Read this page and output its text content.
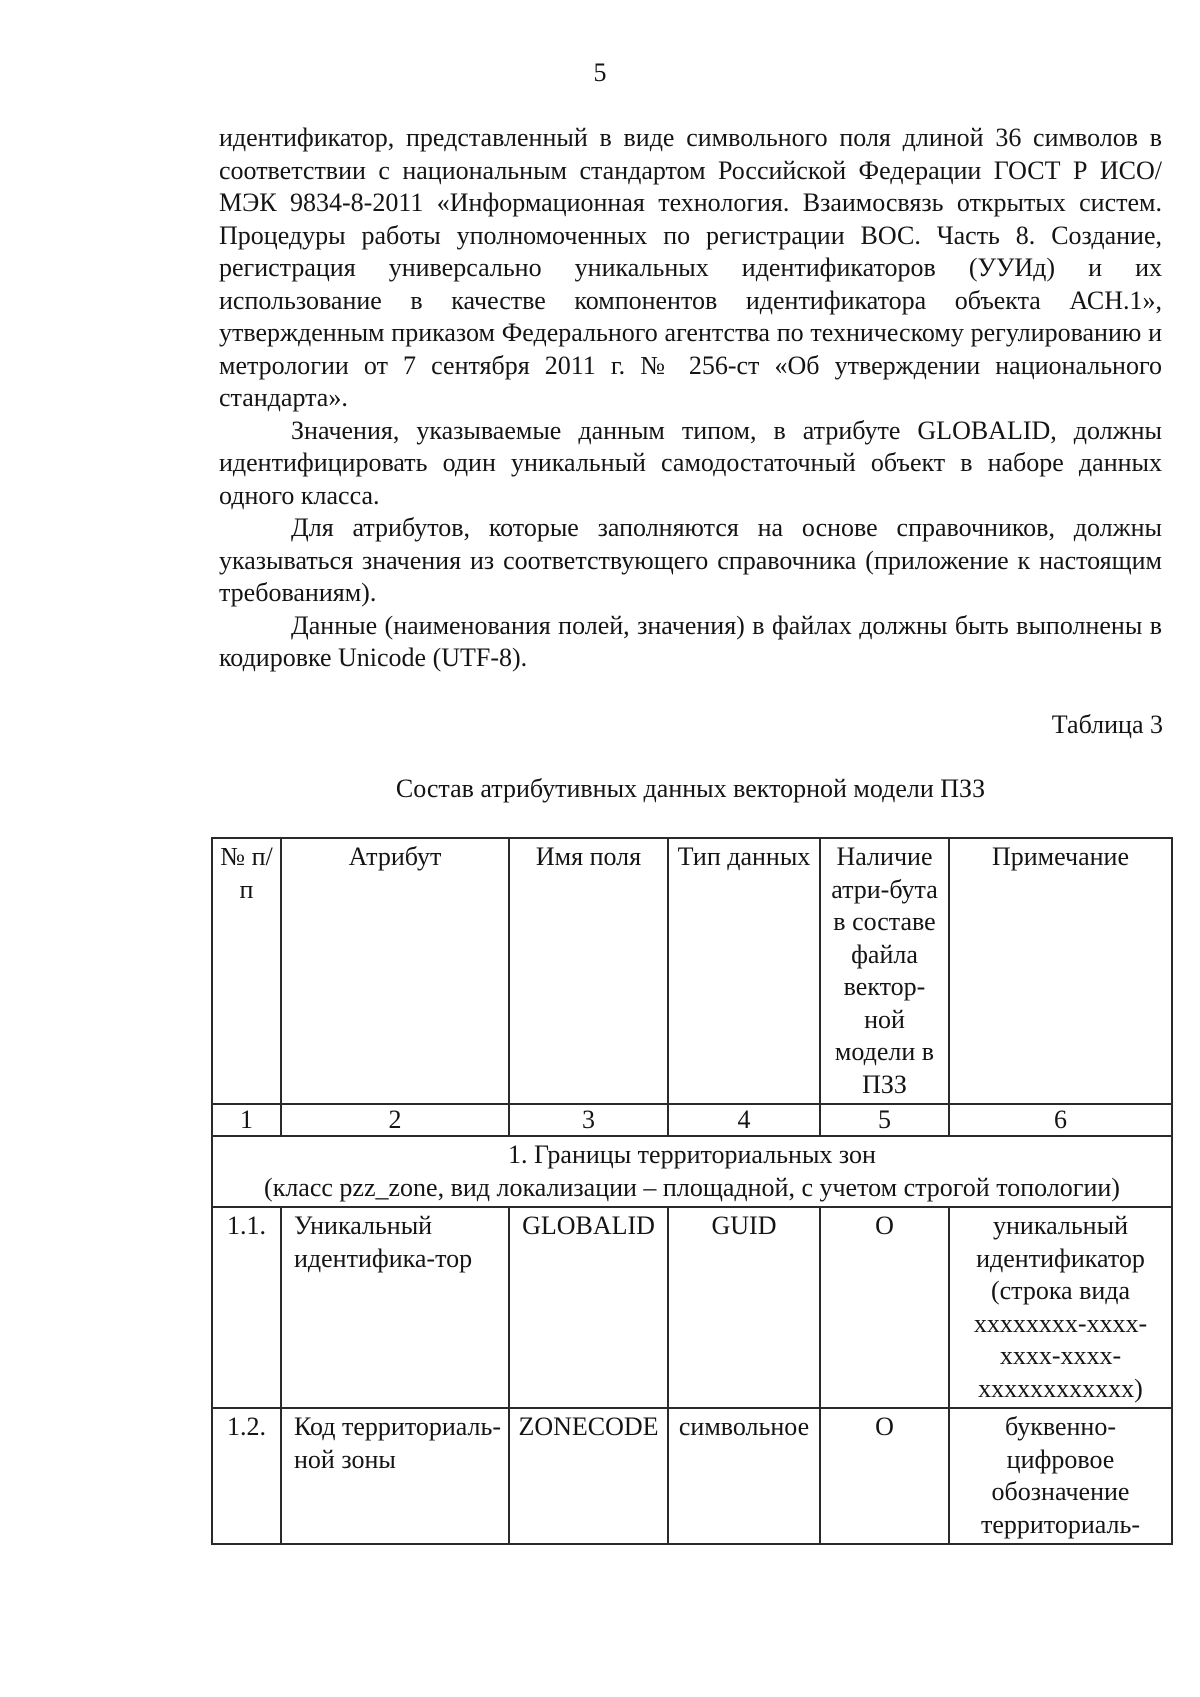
5

идентификатор, представленный в виде символьного поля длиной 36 символов в соответствии с национальным стандартом Российской Федерации ГОСТ Р ИСО/МЭК 9834-8-2011 «Информационная технология. Взаимосвязь открытых систем. Процедуры работы уполномоченных по регистрации ВОС. Часть 8. Создание, регистрация универсально уникальных идентификаторов (УУИд) и их использование в качестве компонентов идентификатора объекта АСН.1», утвержденным приказом Федерального агентства по техническому регулированию и метрологии от 7 сентября 2011 г. № 256-ст «Об утверждении национального стандарта».

Значения, указываемые данным типом, в атрибуте GLOBALID, должны идентифицировать один уникальный самодостаточный объект в наборе данных одного класса.

Для атрибутов, которые заполняются на основе справочников, должны указываться значения из соответствующего справочника (приложение к настоящим требованиям).

Данные (наименования полей, значения) в файлах должны быть выполнены в кодировке Unicode (UTF-8).

Таблица 3
Состав атрибутивных данных векторной модели ПЗЗ
№ п/п	Атрибут	Имя поля	Тип данных	Наличие атри-бута в составе файла вектор-ной модели в ПЗЗ	Примечание
1	2	3	4	5	6

1. Границы территориальных зон
(класс pzz_zone, вид локализации – площадной, с учетом строгой топологии)					

1.1.	Уникальный идентифика-тор	GLOBALID	GUID	О	уникальный идентификатор (строка вида xxxxxxxx-xxxx-xxxx-xxxx-xxxxxxxxxxxx)
1.2.	Код территориаль-ной зоны	ZONECODE	символьное	О	буквенно-цифровое обозначение территориаль-
